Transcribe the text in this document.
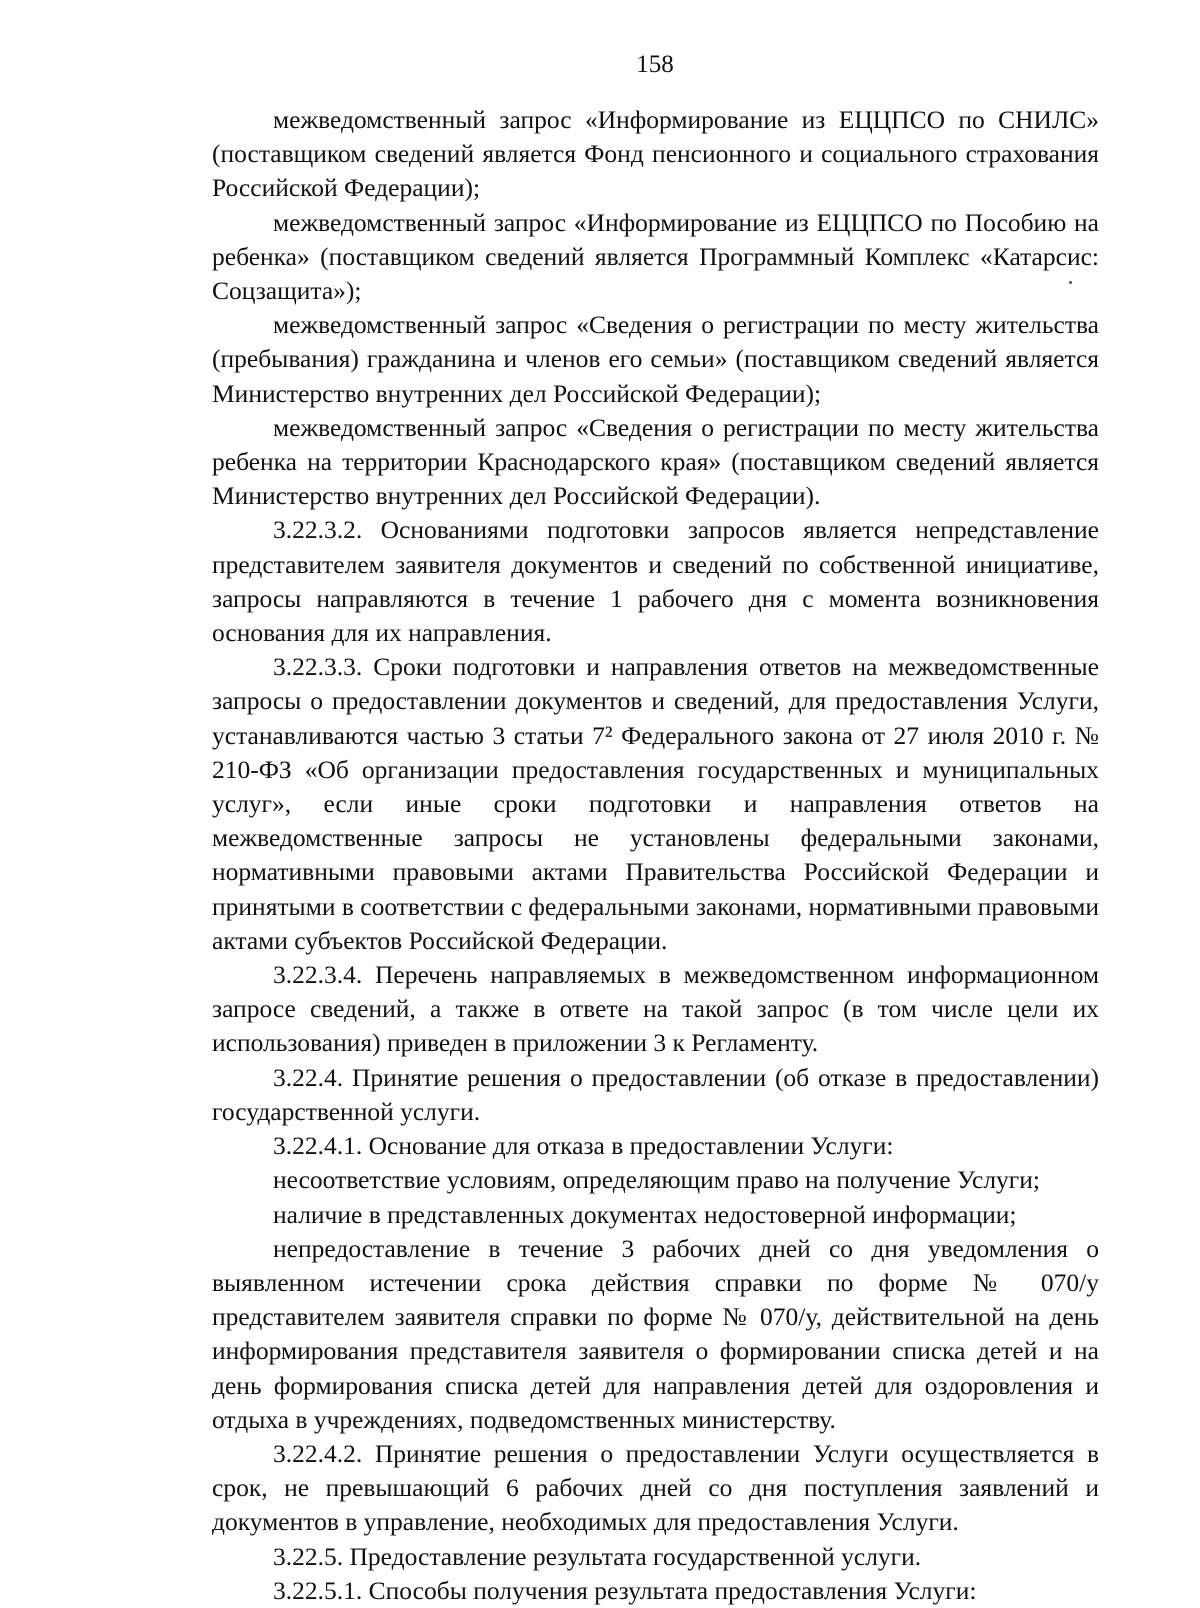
158

межведомственный запрос «Информирование из ЕЦЦПСО по СНИЛС» (поставщиком сведений является Фонд пенсионного и социального страхования Российской Федерации);

межведомственный запрос «Информирование из ЕЦЦПСО по Пособию на ребенка» (поставщиком сведений является Программный Комплекс «Катарсис: Соцзащита»);

межведомственный запрос «Сведения о регистрации по месту жительства (пребывания) гражданина и членов его семьи» (поставщиком сведений является Министерство внутренних дел Российской Федерации);

межведомственный запрос «Сведения о регистрации по месту жительства ребенка на территории Краснодарского края» (поставщиком сведений является Министерство внутренних дел Российской Федерации).

3.22.3.2. Основаниями подготовки запросов является непредставление представителем заявителя документов и сведений по собственной инициативе, запросы направляются в течение 1 рабочего дня с момента возникновения основания для их направления.

3.22.3.3. Сроки подготовки и направления ответов на межведомственные запросы о предоставлении документов и сведений, для предоставления Услуги, устанавливаются частью 3 статьи 7² Федерального закона от 27 июля 2010 г. № 210-ФЗ «Об организации предоставления государственных и муниципальных услуг», если иные сроки подготовки и направления ответов на межведомственные запросы не установлены федеральными законами, нормативными правовыми актами Правительства Российской Федерации и принятыми в соответствии с федеральными законами, нормативными правовыми актами субъектов Российской Федерации.

3.22.3.4. Перечень направляемых в межведомственном информационном запросе сведений, а также в ответе на такой запрос (в том числе цели их использования) приведен в приложении 3 к Регламенту.

3.22.4. Принятие решения о предоставлении (об отказе в предоставлении) государственной услуги.

3.22.4.1. Основание для отказа в предоставлении Услуги:

несоответствие условиям, определяющим право на получение Услуги;

наличие в представленных документах недостоверной информации;

непредоставление в течение 3 рабочих дней со дня уведомления о выявленном истечении срока действия справки по форме № 070/у представителем заявителя справки по форме № 070/у, действительной на день информирования представителя заявителя о формировании списка детей и на день формирования списка детей для направления детей для оздоровления и отдыха в учреждениях, подведомственных министерству.

3.22.4.2. Принятие решения о предоставлении Услуги осуществляется в срок, не превышающий 6 рабочих дней со дня поступления заявлений и документов в управление, необходимых для предоставления Услуги.

3.22.5. Предоставление результата государственной услуги.

3.22.5.1. Способы получения результата предоставления Услуги:
